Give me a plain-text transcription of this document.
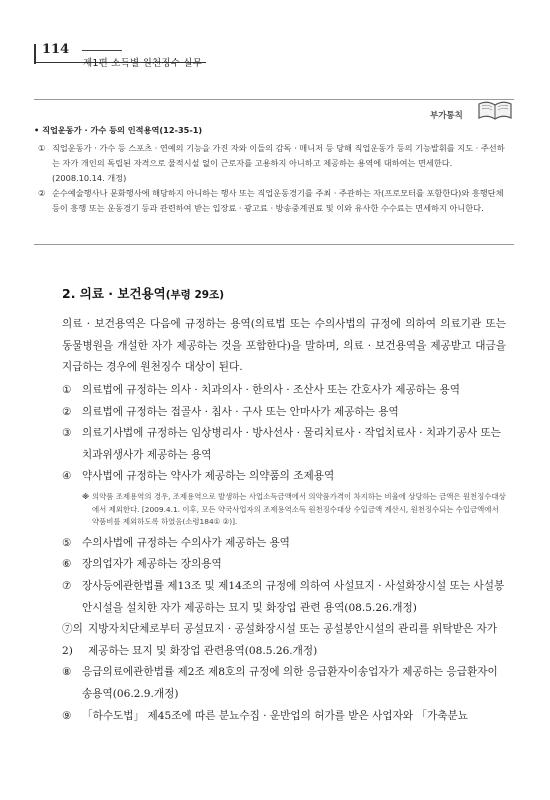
114
제1편 소득별 원천징수 실무
부가통칙
• 직업운동가 · 가수 등의 인적용역(12-35-1)
① 직업운동가 · 가수 등 스포츠 · 연예의 기능을 가진 자와 이들의 감독 · 매니저 등 당해 직업운동가 등의 기능발휘를 지도 · 주선하는 자가 개인의 독립된 자격으로 물적시설 없이 근로자를 고용하지 아니하고 제공하는 용역에 대하여는 면세한다. (2008.10.14. 개정)
② 순수예술행사나 문화행사에 해당하지 아니하는 행사 또는 직업운동경기를 주최 · 주관하는 자(프로모터를 포함한다)와 흥행단체 등이 흥행 또는 운동경기 등과 관련하여 받는 입장료 · 광고료 · 방송중계권료 및 이와 유사한 수수료는 면세하지 아니한다.
2. 의료 · 보건용역(부령 29조)
의료 · 보건용역은 다음에 규정하는 용역(의료법 또는 수의사법의 규정에 의하여 의료기관 또는 동물병원을 개설한 자가 제공하는 것을 포함한다)을 말하며, 의료 · 보건용역을 제공받고 대금을 지급하는 경우에 원천징수 대상이 된다.
① 의료법에 규정하는 의사 · 치과의사 · 한의사 · 조산사 또는 간호사가 제공하는 용역
② 의료법에 규정하는 접골사 · 침사 · 구사 또는 안마사가 제공하는 용역
③ 의료기사법에 규정하는 임상병리사 · 방사선사 · 물리치료사 · 작업치료사 · 치과기공사 또는 치과위생사가 제공하는 용역
④ 약사법에 규정하는 약사가 제공하는 의약품의 조제용역
※ 의약품 조제용역의 경우, 조제용역으로 발생하는 사업소득금액에서 의약품가격이 차지하는 비율에 상당하는 금액은 원천징수대상에서 제외한다. [2009.4.1. 이후, 모든 약국사업자의 조제용역소득 원천징수대상 수입금액 계산시, 원천징수되는 수입금액에서 약품비를 제외하도록 하였음(소령184① ②)].
⑤ 수의사법에 규정하는 수의사가 제공하는 용역
⑥ 장의업자가 제공하는 장의용역
⑦ 장사등에관한법률 제13조 및 제14조의 규정에 의하여 사설묘지 · 사설화장시설 또는 사설봉안시설을 설치한 자가 제공하는 묘지 및 화장업 관련 용역(08.5.26.개정)
⑦의2)
지방자치단체로부터 공설묘지 · 공설화장시설 또는 공설봉안시설의 관리를 위탁받은 자가 제공하는 묘지 및 화장업 관련용역(08.5.26.개정)
⑧ 응급의료에관한법률 제2조 제8호의 규정에 의한 응급환자이송업자가 제공하는 응급환자이송용역(06.2.9.개정)
⑨ 「하수도법」 제45조에 따른 분뇨수집 · 운반업의 허가를 받은 사업자와 「가축분뇨
